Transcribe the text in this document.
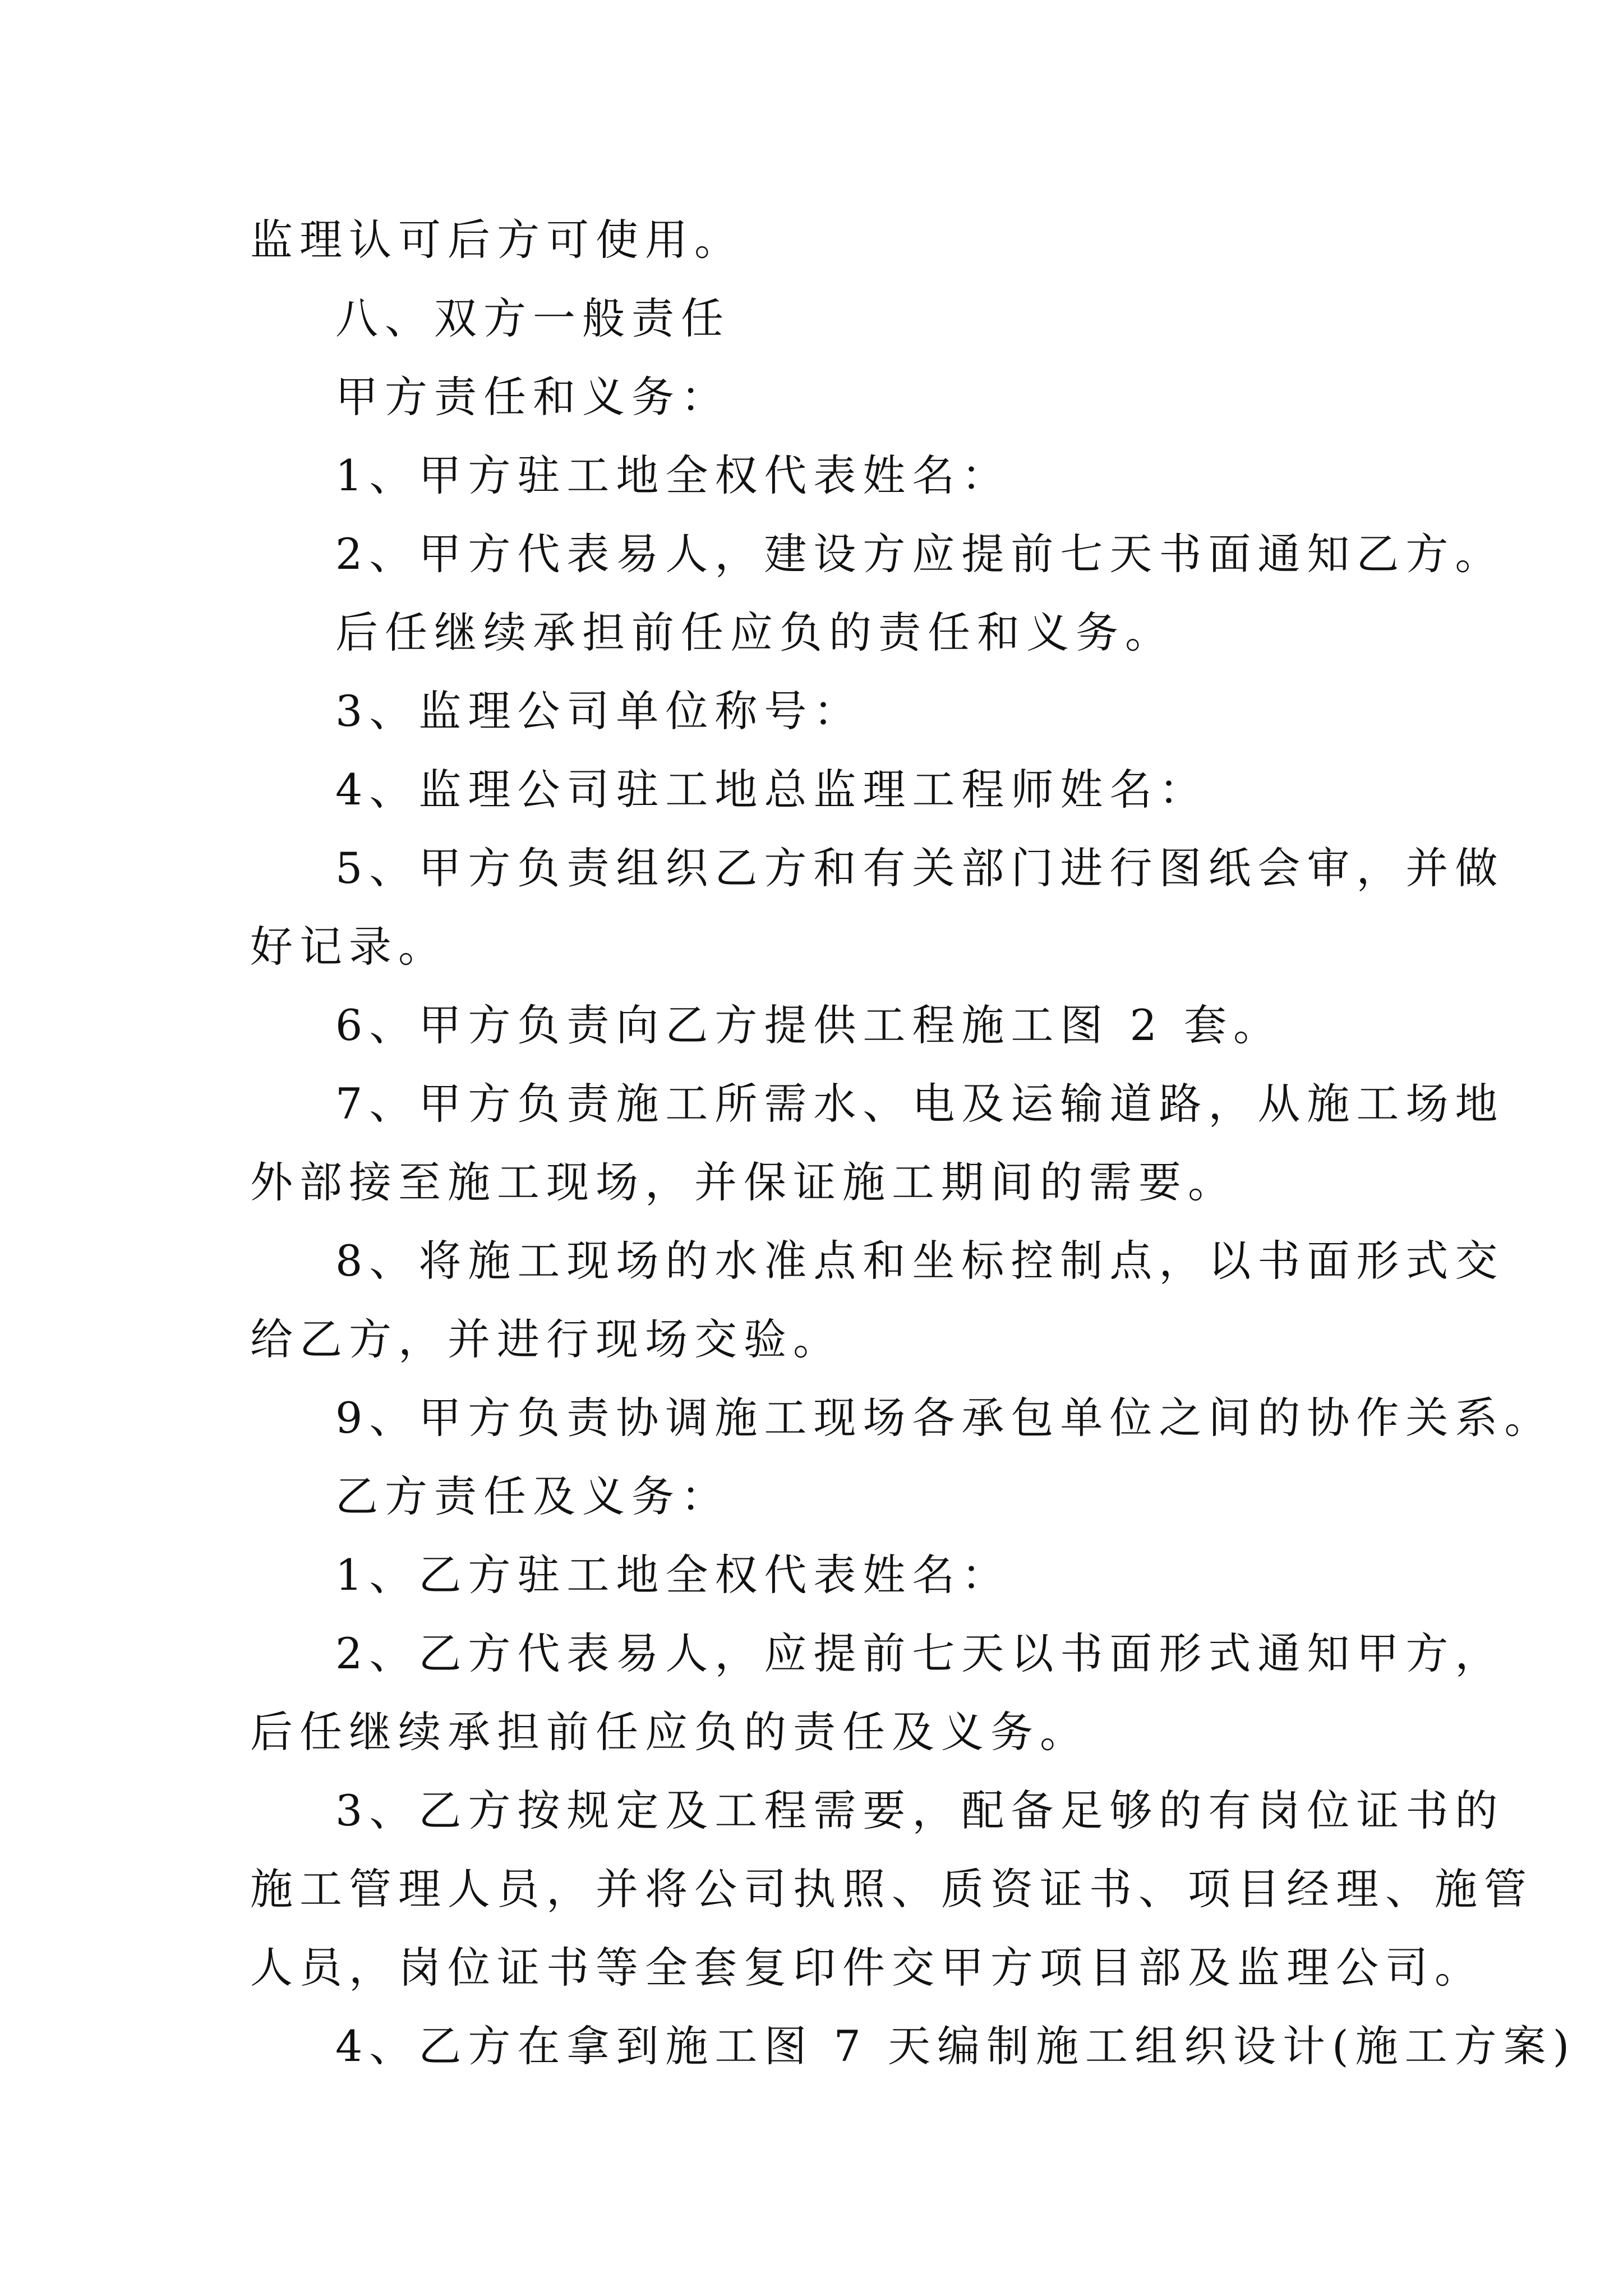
监理认可后方可使用。
八、双方一般责任
甲方责任和义务：
1、甲方驻工地全权代表姓名：
2、甲方代表易人，建设方应提前七天书面通知乙方。
后任继续承担前任应负的责任和义务。
3、监理公司单位称号：
4、监理公司驻工地总监理工程师姓名：
5、甲方负责组织乙方和有关部门进行图纸会审，并做
好记录。
6、甲方负责向乙方提供工程施工图 2 套。
7、甲方负责施工所需水、电及运输道路，从施工场地
外部接至施工现场，并保证施工期间的需要。
8、将施工现场的水准点和坐标控制点，以书面形式交
给乙方，并进行现场交验。
9、甲方负责协调施工现场各承包单位之间的协作关系。
乙方责任及义务：
1、乙方驻工地全权代表姓名：
2、乙方代表易人，应提前七天以书面形式通知甲方，
后任继续承担前任应负的责任及义务。
3、乙方按规定及工程需要，配备足够的有岗位证书的
施工管理人员，并将公司执照、质资证书、项目经理、施管
人员，岗位证书等全套复印件交甲方项目部及监理公司。
4、乙方在拿到施工图 7 天编制施工组织设计(施工方案)
